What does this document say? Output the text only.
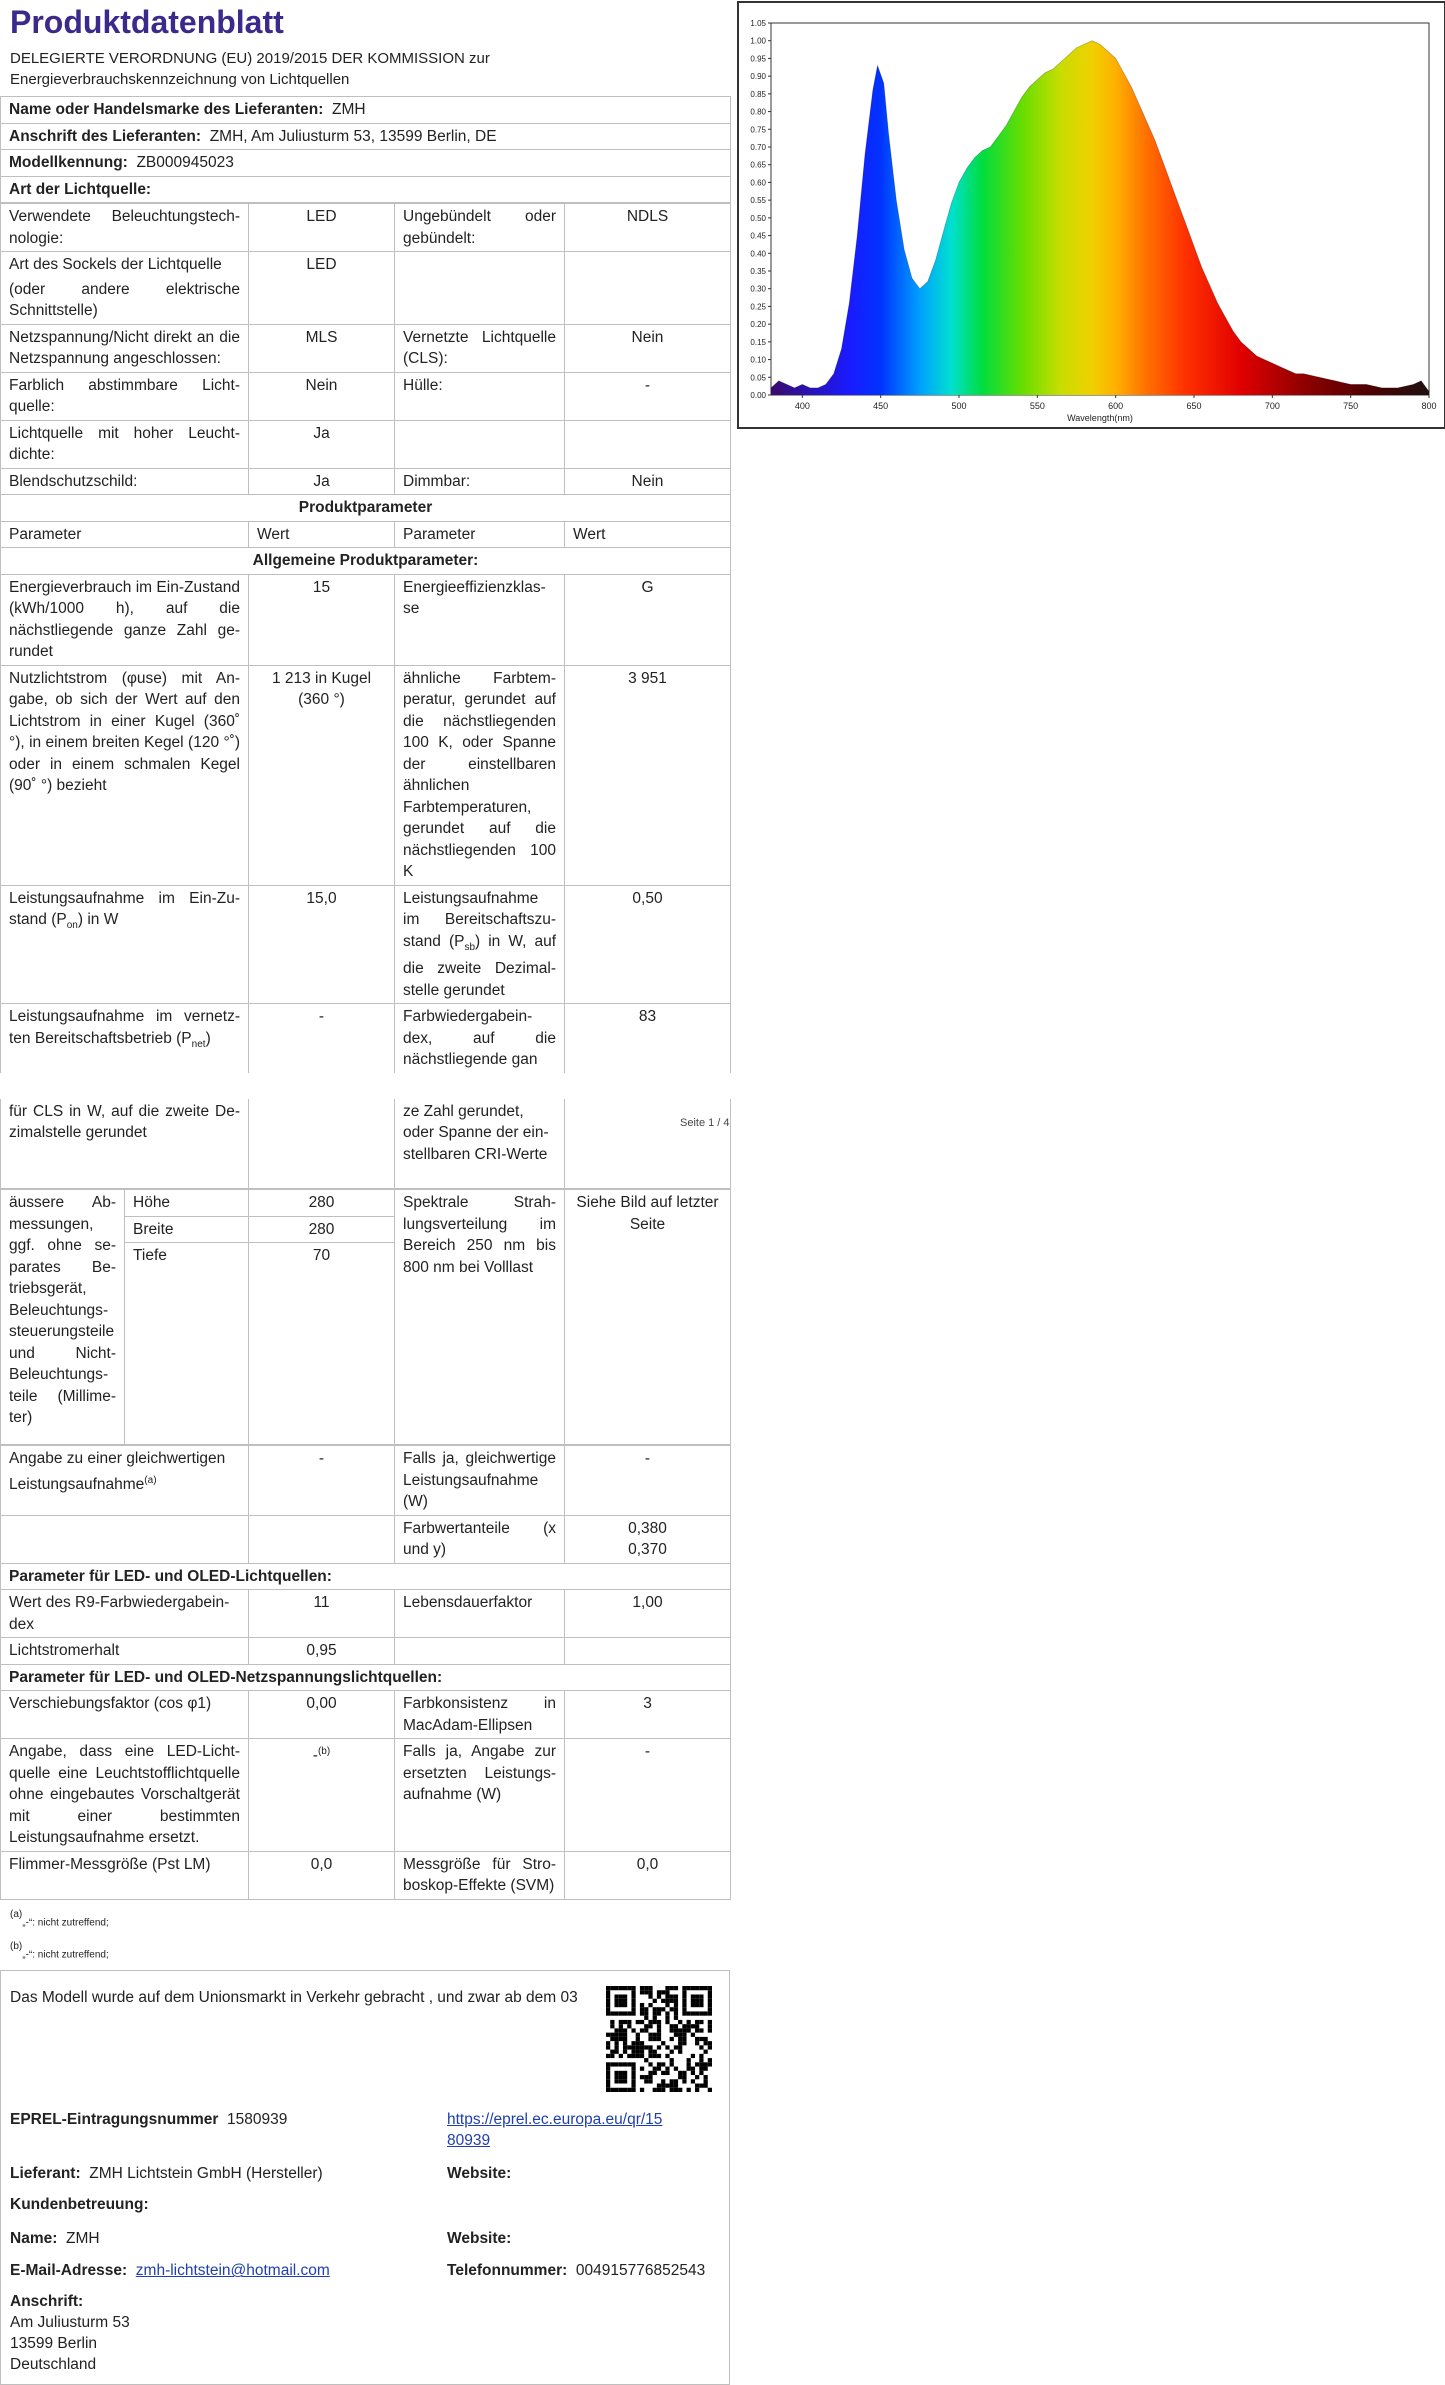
Produktdatenblatt
DELEGIERTE VERORDNUNG (EU) 2019/2015 DER KOMMISSION zur
Energieverbrauchskennzeichnung von Lichtquellen
Name oder Handelsmarke des Lieferanten: ZMH
Anschrift des Lieferanten: ZMH, Am Juliusturm 53, 13599 Berlin, DE
Modellkennung: ZB000945023
Art der Lichtquelle:
Verwendete Beleuchtungstechnologie:	LED	Ungebündelt oder gebündelt:	NDLS

Art des Sockels der Lichtquelle
(oder andere elektrische Schnittstelle)	LED		
Netzspannung/Nicht direkt an die Netzspannung angeschlossen:	MLS	Vernetzte Lichtquelle (CLS):	Nein
Farblich abstimmbare Lichtquelle:	Nein	Hülle:	-
Lichtquelle mit hoher Leuchtdichte:	Ja		
Blendschutzschild:	Ja	Dimmbar:	Nein
Produktparameter			
Parameter	Wert	Parameter	Wert
Allgemeine Produktparameter:			
Energieverbrauch im Ein-Zustand (kWh/1000 h), auf die nächstliegende ganze Zahl gerundet	15	Energieeffizienzklasse	G
Nutzlichtstrom (φuse) mit Angabe, ob sich der Wert auf den Lichtstrom in einer Kugel (360˚ °), in einem breiten Kegel (120 °˚) oder in einem schmalen Kegel (90˚ °) bezieht	1 213 in Kugel (360 °)	ähnliche Farbtemperatur, gerundet auf die nächstliegenden 100 K, oder Spanne der einstellbaren ähnlichen Farbtemperaturen, gerundet auf die nächstliegenden 100 K	3 951
Leistungsaufnahme im Ein-Zustand $(P_{on})$ in W	15,0	Leistungsaufnahme im Bereitschaftszustand $(P_{sb})$ in W, auf die zweite Dezimalstelle gerundet	0,50
Leistungsaufnahme im vernetzten Bereitschaftsbetrieb $(P_{net})$	-	Farbwiedergabeindex, auf die nächstliegende gan	83
Seite 1 / 4
für CLS in W, auf die zweite Dezimalstelle gerundet		ze Zahl gerundet, oder Spanne der einstellbaren CRI-Werte	
äussere Abmessungen, ggf. ohne separates Betriebsgerät, Beleuchtungssteuerungsteile und Nicht-Beleuchtungsteile (Millimeter)	Höhe	280	Spektrale Strahlungsverteilung im Bereich 250 nm bis 800 nm bei Volllast	Siehe Bild auf letzter Seite
	Breite	280		
	Tiefe	70		

Angabe zu einer gleichwertigen Leistungsaufnahme$^{(a)}$	-	Falls ja, gleichwertige Leistungsaufnahme (W)	-
		Farbwertanteile (x und y)	0,380
0,370

Parameter für LED- und OLED-Lichtquellen:			
Wert des R9-Farbwiedergabeindex	11	Lebensdauerfaktor	1,00
Lichtstromerhalt	0,95		
Parameter für LED- und OLED-Netzspannungslichtquellen:			
Verschiebungsfaktor (cos φ1)	0,00	Farbkonsistenz in MacAdam-Ellipsen	3
Angabe, dass eine LED-Lichtquelle eine Leuchtstofflichtquelle ohne eingebautes Vorschaltgerät mit einer bestimmten Leistungsaufnahme ersetzt.	-$^{(b)}$	Falls ja, Angabe zur ersetzten Leistungsaufnahme (W)	-
Flimmer-Messgröße (Pst LM)	0,0	Messgröße für Stroboskop-Effekte (SVM)	0,0
$^{(a)}_{„-“: nicht zutreffend;}$
$^{(b)}_{„-“: nicht zutreffend;}$
Das Modell wurde auf dem Unionsmarkt in Verkehr gebracht , und zwar ab dem 03
EPREL-Eintragungsnummer 1580939	https://eprel.ec.europa.eu/qr/15
80939
Lieferant: ZMH Lichtstein GmbH (Hersteller)	Website:
Kundenbetreuung:
Name: ZMH	Website:
E-Mail-Adresse: zmh-lichtstein@hotmail.com	Telefonnummer: 004915776852543
Anschrift:
Am Juliusturm 53
13599 Berlin
Deutschland
0.00
0.05
0.10
0.15
0.20
0.25
0.30
0.35
0.40
0.45
0.50
0.55
0.60
0.65
0.70
0.75
0.80
0.85
0.90
0.95
1.00
1.05
400	450	500	550	600	650	700	750	800
Wavelength(nm)
